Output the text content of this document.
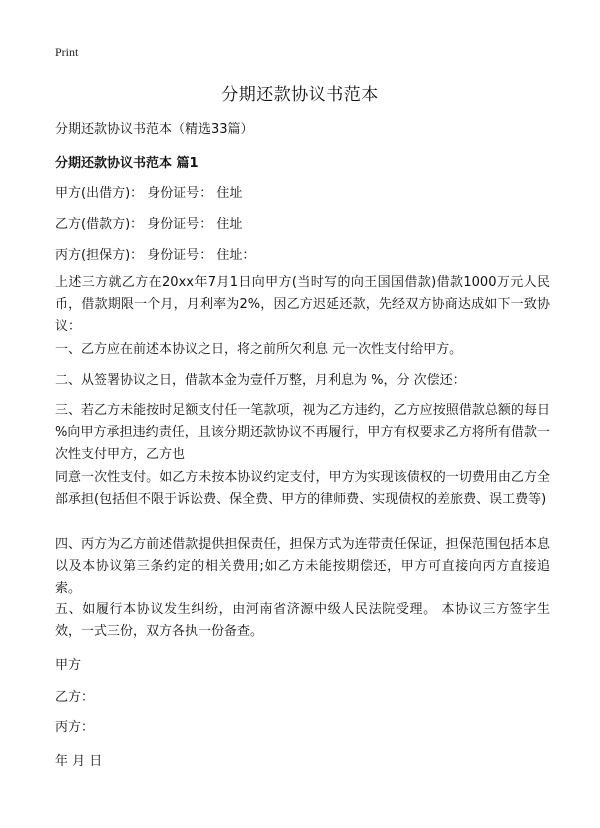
Print
分期还款协议书范本

分期还款协议书范本（精选33篇）

分期还款协议书范本 篇1

甲方(出借方)： 身份证号： 住址

乙方(借款方)： 身份证号： 住址

丙方(担保方)： 身份证号： 住址：

上述三方就乙方在20xx年7月1日向甲方(当时写的向王国国借款)借款1000万元人民币，借款期限一个月，月利率为2%，因乙方迟延还款，先经双方协商达成如下一致协议：

一、乙方应在前述本协议之日，将之前所欠利息 元一次性支付给甲方。

二、从签署协议之日，借款本金为壹仟万整，月利息为 %，分 次偿还：

三、若乙方未能按时足额支付任一笔款项，视为乙方违约，乙方应按照借款总额的每日 %向甲方承担违约责任，且该分期还款协议不再履行，甲方有权要求乙方将所有借款一次性支付甲方，乙方也

同意一次性支付。如乙方未按本协议约定支付，甲方为实现该债权的一切费用由乙方全部承担(包括但不限于诉讼费、保全费、甲方的律师费、实现债权的差旅费、误工费等)

四、丙方为乙方前述借款提供担保责任，担保方式为连带责任保证，担保范围包括本息以及本协议第三条约定的相关费用;如乙方未能按期偿还，甲方可直接向丙方直接追索。

五、如履行本协议发生纠纷，由河南省济源中级人民法院受理。 本协议三方签字生效，一式三份，双方各执一份备查。

甲方

乙方：

丙方：

年 月 日
